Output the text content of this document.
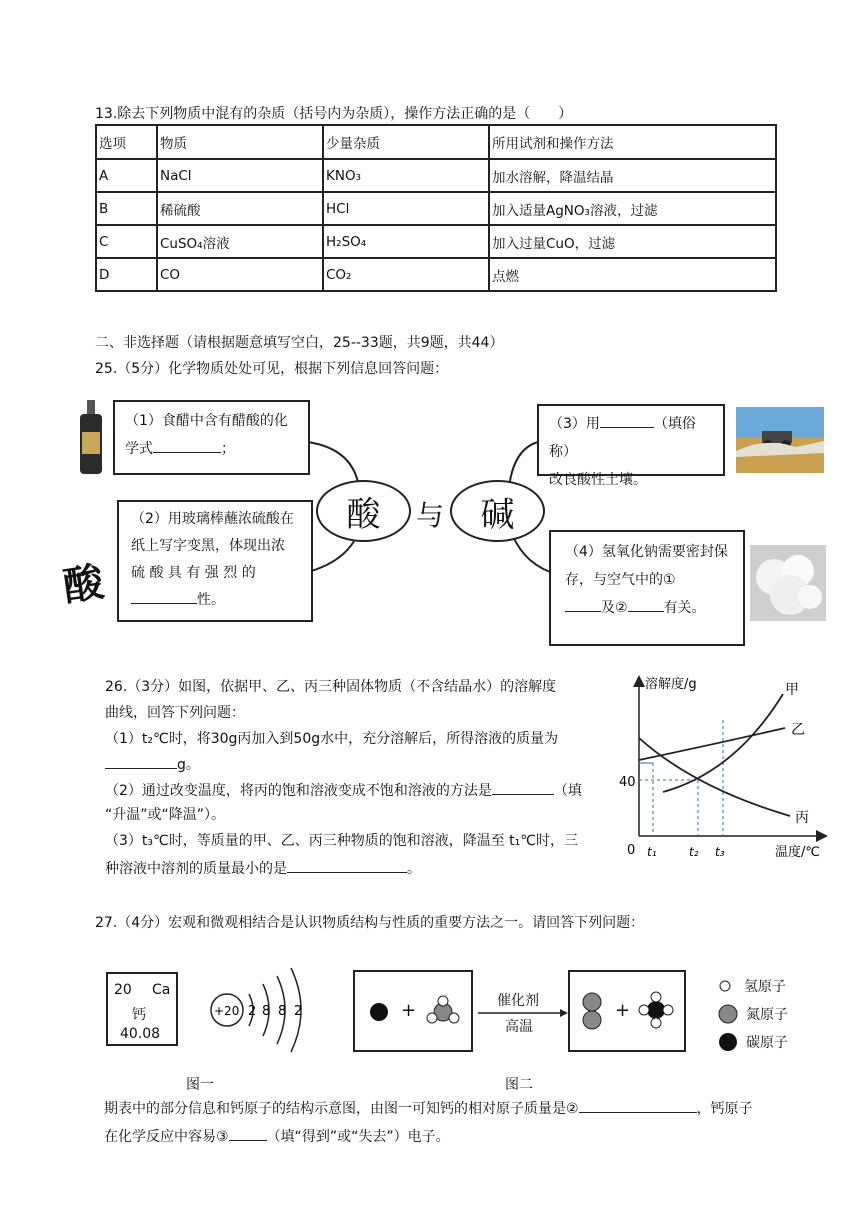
13.除去下列物质中混有的杂质（括号内为杂质），操作方法正确的是（　　）
选项	物质	少量杂质	所用试剂和操作方法
A	NaCl	KNO₃	加水溶解，降温结晶
B	稀硫酸	HCl	加入适量AgNO₃溶液，过滤
C	CuSO₄溶液	H₂SO₄	加入过量CuO，过滤
D	CO	CO₂	点燃
二、非选择题（请根据题意填写空白，25--33题，共9题，共44）
25.（5分）化学物质处处可见，根据下列信息回答问题：
（1）食醋中含有醋酸的化
学式	；
（2）用玻璃棒蘸浓硫酸在
纸上写字变黑，体现出浓
硫 酸 具 有 强 烈 的
性。
酸
酸	与	碱
（3）用	（填俗称）
改良酸性土壤。
（4）氢氧化钠需要密封保
存，与空气中的①
及②	有关。
26.（3分）如图，依据甲、乙、丙三种固体物质（不含结晶水）的溶解度
曲线，回答下列问题：
（1）t₂℃时，将30g丙加入到50g水中，充分溶解后，所得溶液的质量为
g。
（2）通过改变温度，将丙的饱和溶液变成不饱和溶液的方法是	（填
“升温”或“降温”）。
（3）t₃℃时，等质量的甲、乙、丙三种物质的饱和溶液，降温至 t₁℃时，三
种溶液中溶剂的质量最小的是	。
溶解度/g
温度/℃
0
40
t₁	t₂ t₃
甲
乙
丙
27.（4分）宏观和微观相结合是认识物质结构与性质的重要方法之一。请回答下列问题：
20 Ca
钙
40.08
+20 2 8 8 2	+	催化剂
高温
+
氢原子
氮原子
碳原子
图一	图二
期表中的部分信息和钙原子的结构示意图，由图一可知钙的相对原子质量是②	，钙原子
在化学反应中容易③	（填“得到”或“失去”）电子。
